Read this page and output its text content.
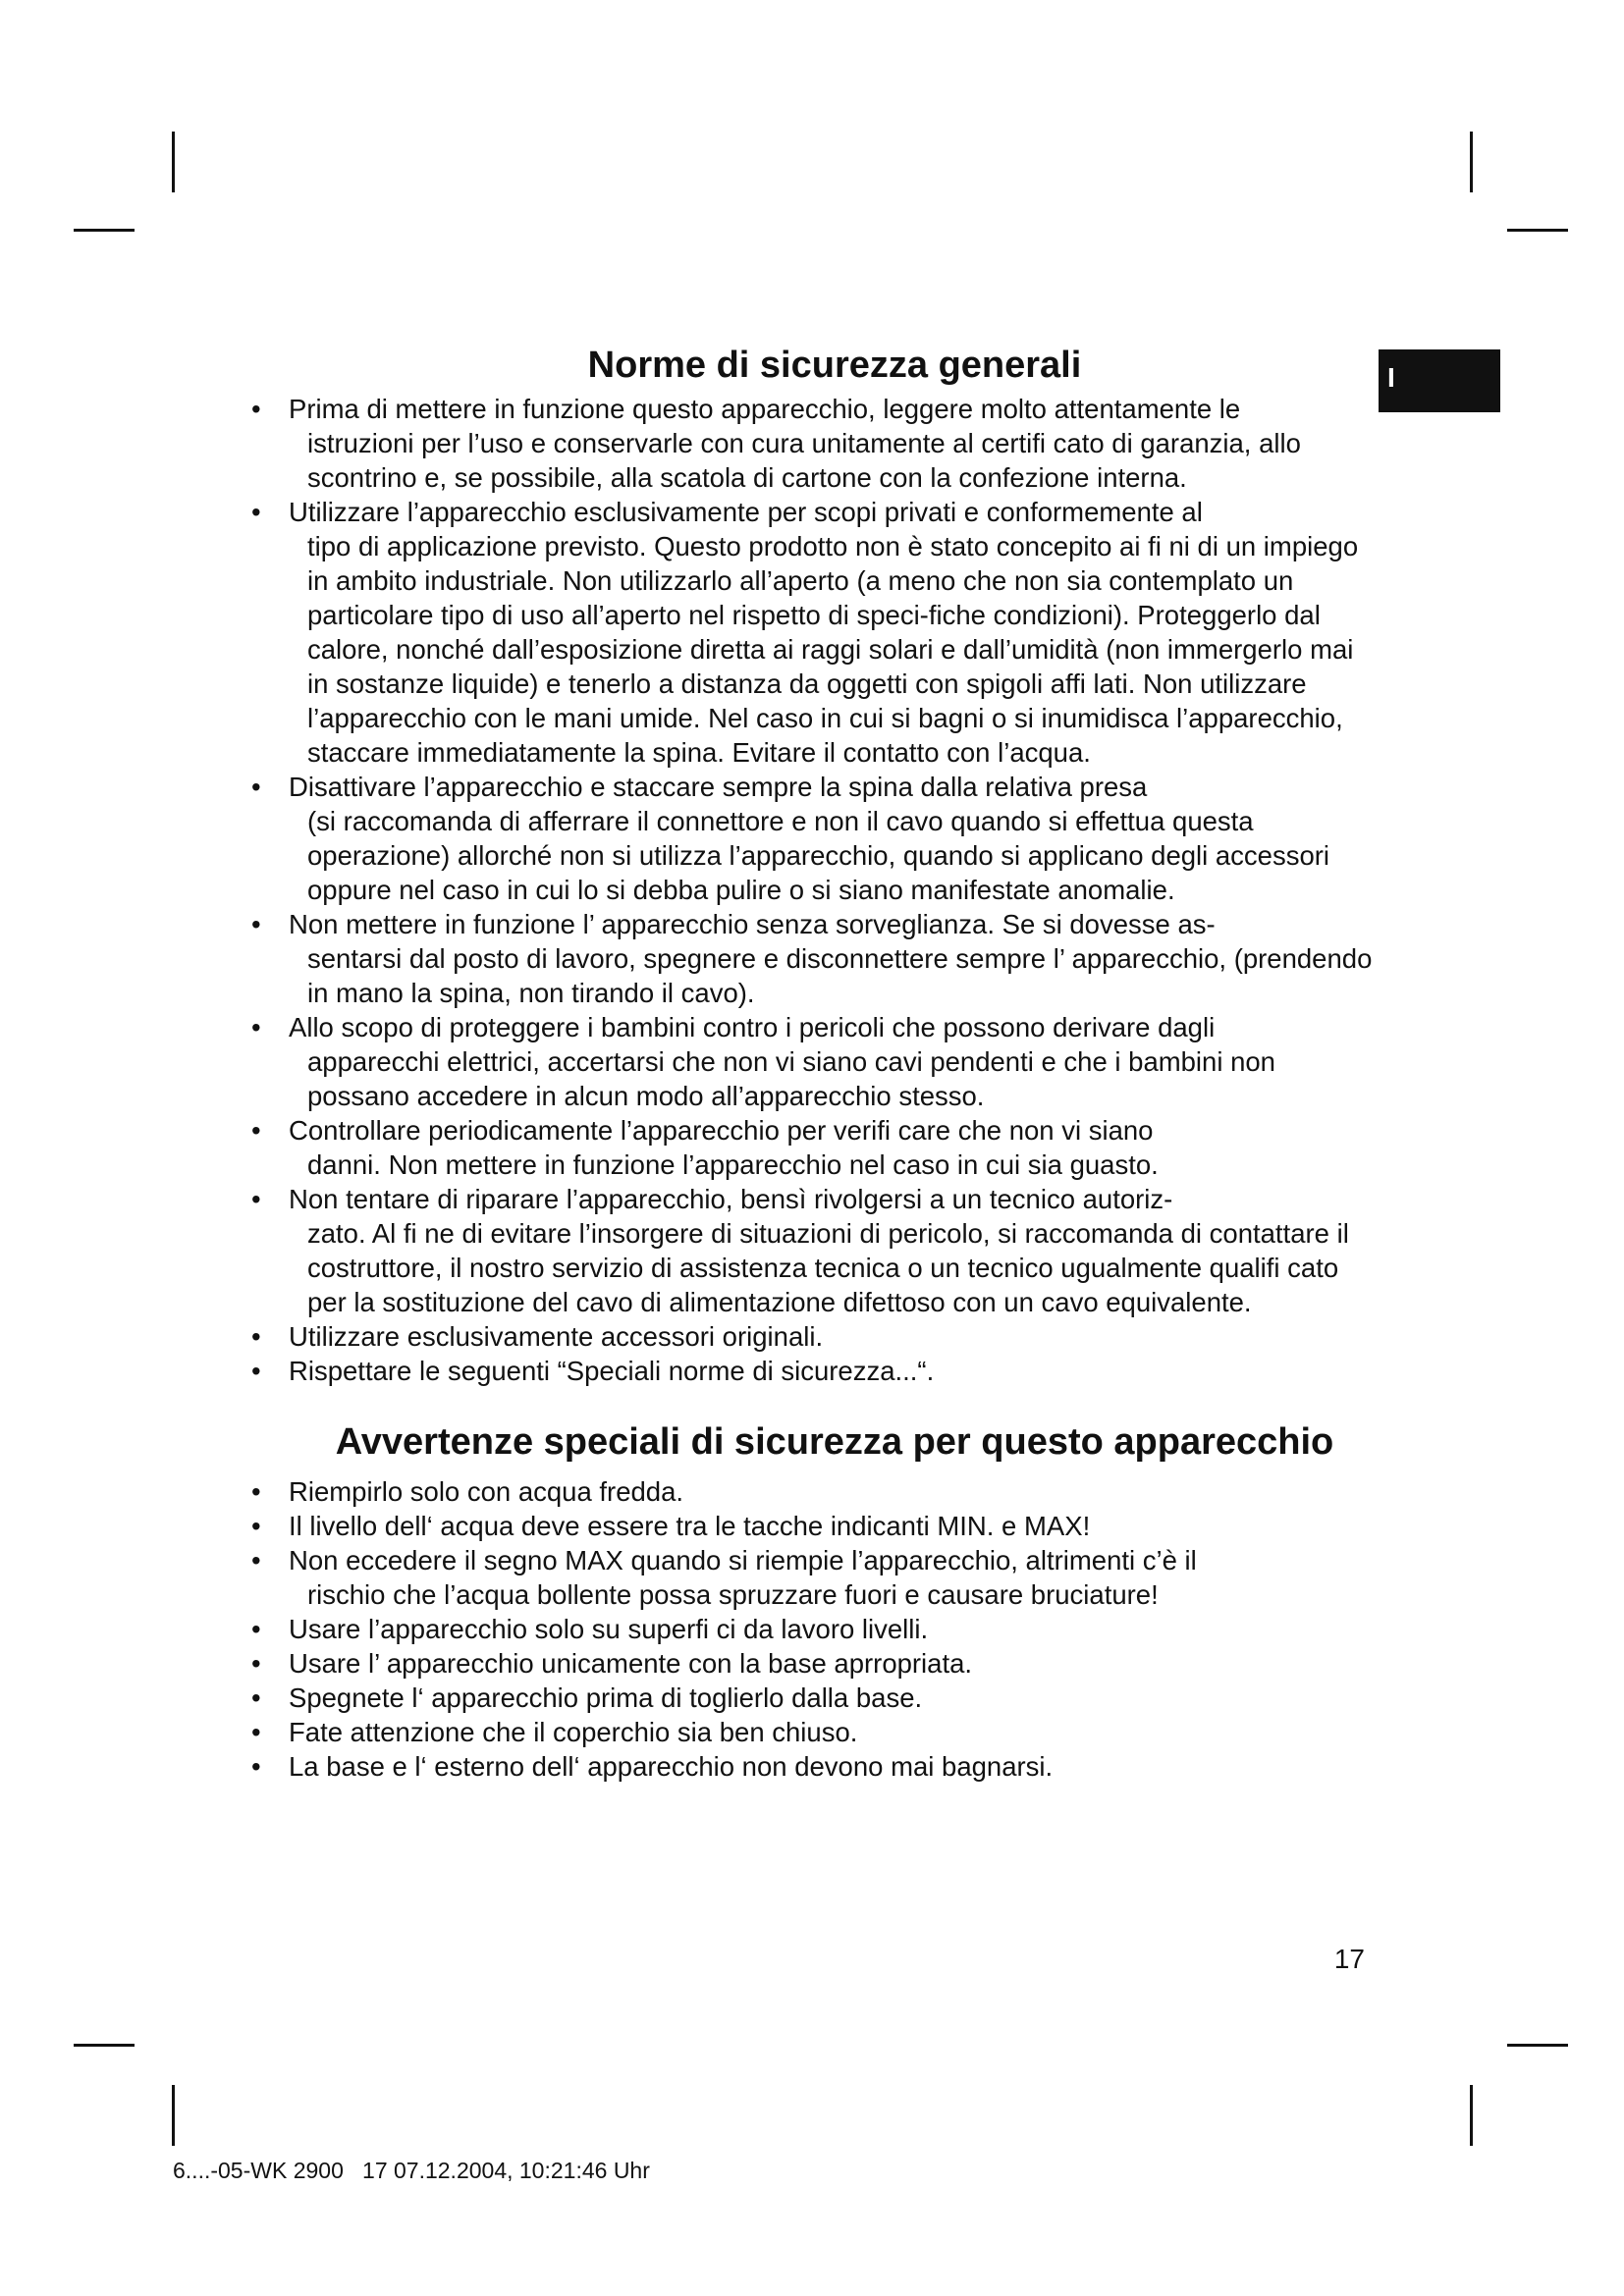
I
Norme di sicurezza generali
• Prima di mettere in funzione questo apparecchio, leggere molto attentamente le
istruzioni per l’uso e conservarle con cura unitamente al certifi cato di garanzia, allo scontrino e, se possibile, alla scatola di cartone con la confezione interna.
• Utilizzare l’apparecchio esclusivamente per scopi privati e conformemente al
tipo di applicazione previsto. Questo prodotto non è stato concepito ai fi ni di un impiego in ambito industriale. Non utilizzarlo all’aperto (a meno che non sia contemplato un particolare tipo di uso all’aperto nel rispetto di speci-fiche condizioni). Proteggerlo dal calore, nonché dall’esposizione diretta ai raggi solari e dall’umidità (non immergerlo mai in sostanze liquide) e tenerlo a distanza da oggetti con spigoli affi lati. Non utilizzare l’apparecchio con le mani umide. Nel caso in cui si bagni o si inumidisca l’apparecchio, staccare immediatamente la spina. Evitare il contatto con l’acqua.
• Disattivare l’apparecchio e staccare sempre la spina dalla relativa presa
(si raccomanda di afferrare il connettore e non il cavo quando si effettua questa operazione) allorché non si utilizza l’apparecchio, quando si applicano degli accessori oppure nel caso in cui lo si debba pulire o si siano manifestate anomalie.
• Non mettere in funzione l’ apparecchio senza sorveglianza. Se si dovesse as-
sentarsi dal posto di lavoro, spegnere e disconnettere sempre l’ apparecchio, (prendendo in mano la spina, non tirando il cavo).
• Allo scopo di proteggere i bambini contro i pericoli che possono derivare dagli
apparecchi elettrici, accertarsi che non vi siano cavi pendenti e che i bambini non possano accedere in alcun modo all’apparecchio stesso.
• Controllare periodicamente l’apparecchio per verifi care che non vi siano
danni. Non mettere in funzione l’apparecchio nel caso in cui sia guasto.
• Non tentare di riparare l’apparecchio, bensì rivolgersi a un tecnico autoriz-
zato. Al fi ne di evitare l’insorgere di situazioni di pericolo, si raccomanda di contattare il costruttore, il nostro servizio di assistenza tecnica o un tecnico ugualmente qualifi cato per la sostituzione del cavo di alimentazione difettoso con un cavo equivalente.
• Utilizzare esclusivamente accessori originali.
• Rispettare le seguenti “Speciali norme di sicurezza...“.
Avvertenze speciali di sicurezza per questo apparecchio
• Riempirlo solo con acqua fredda.
• Il livello dell‘ acqua deve essere tra le tacche indicanti MIN. e MAX!
• Non eccedere il segno MAX quando si riempie l’apparecchio, altrimenti c’è il
rischio che l’acqua bollente possa spruzzare fuori e causare bruciature!
• Usare l’apparecchio solo su superfi ci da lavoro livelli.
• Usare l’ apparecchio unicamente con la base aprropriata.
• Spegnete l‘ apparecchio prima di toglierlo dalla base.
• Fate attenzione che il coperchio sia ben chiuso.
• La base e l‘ esterno dell‘ apparecchio non devono mai bagnarsi.
17
6....-05-WK 2900   17 07.12.2004, 10:21:46 Uhr
